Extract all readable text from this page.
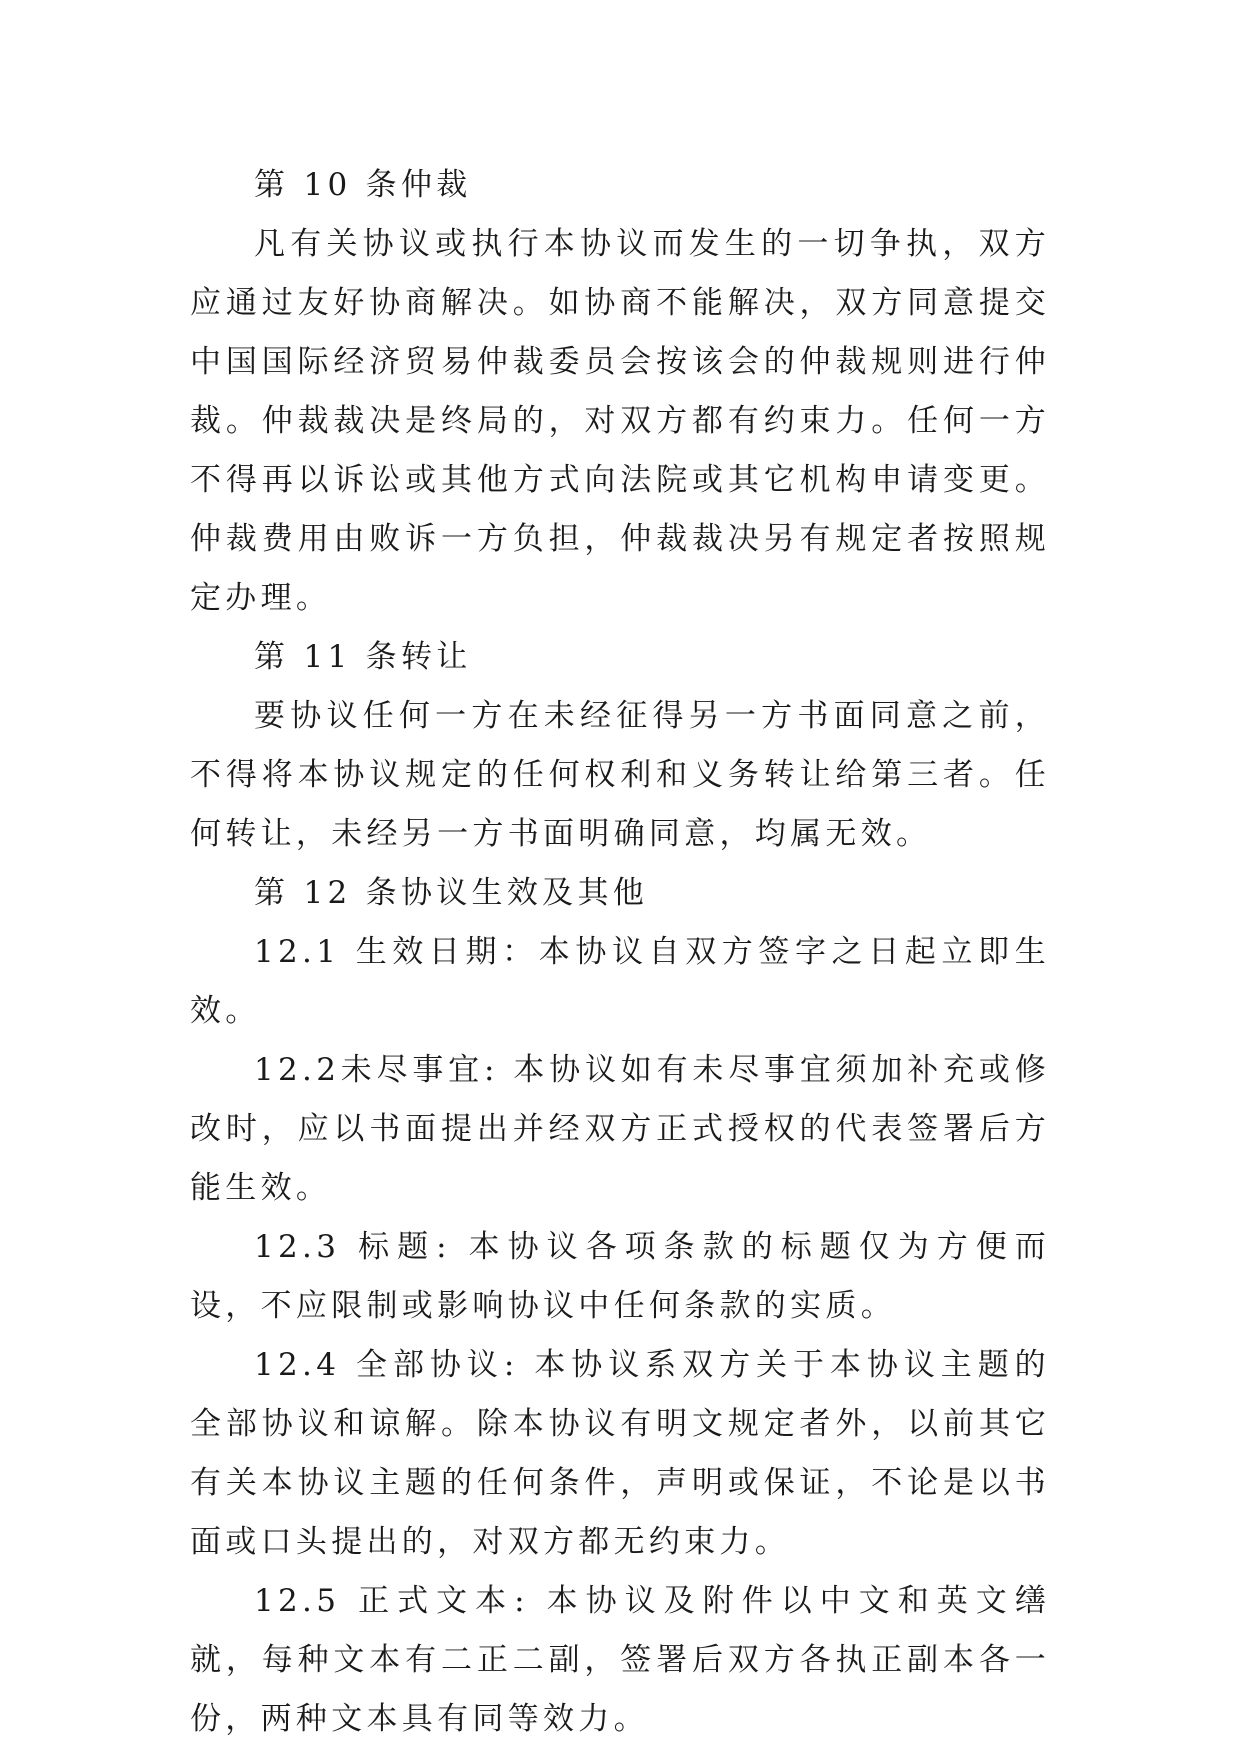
第 10 条仲裁

凡有关协议或执行本协议而发生的一切争执，双方应通过友好协商解决。如协商不能解决，双方同意提交中国国际经济贸易仲裁委员会按该会的仲裁规则进行仲裁。仲裁裁决是终局的，对双方都有约束力。任何一方不得再以诉讼或其他方式向法院或其它机构申请变更。仲裁费用由败诉一方负担，仲裁裁决另有规定者按照规定办理。

第 11 条转让

要协议任何一方在未经征得另一方书面同意之前，不得将本协议规定的任何权利和义务转让给第三者。任何转让，未经另一方书面明确同意，均属无效。

第 12 条协议生效及其他

12.1 生效日期：本协议自双方签字之日起立即生效。

12.2未尽事宜: 本协议如有未尽事宜须加补充或修改时，应以书面提出并经双方正式授权的代表签署后方能生效。

12.3 标题: 本协议各项条款的标题仅为方便而设，不应限制或影响协议中任何条款的实质。

12.4 全部协议: 本协议系双方关于本协议主题的全部协议和谅解。除本协议有明文规定者外，以前其它有关本协议主题的任何条件，声明或保证，不论是以书面或口头提出的，对双方都无约束力。

12.5 正式文本: 本协议及附件以中文和英文缮就，每种文本有二正二副，签署后双方各执正副本各一份，两种文本具有同等效力。
